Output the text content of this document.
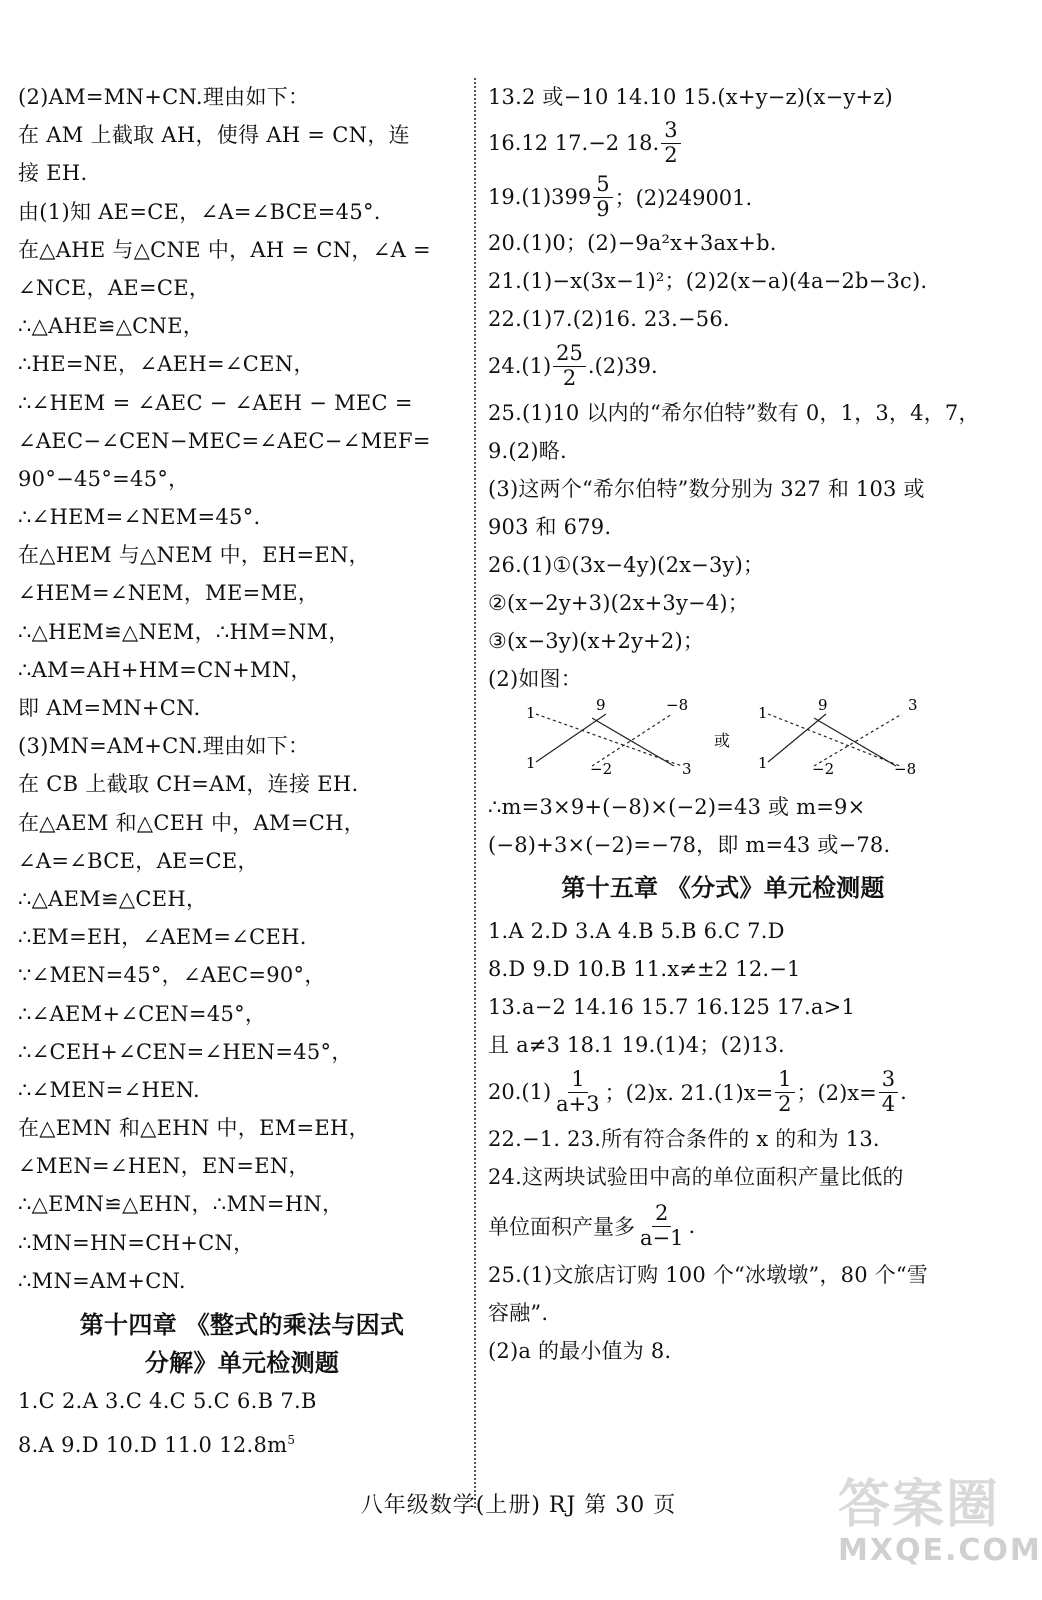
(2)AM=MN+CN.理由如下：

在 AM 上截取 AH，使得 AH = CN，连

接 EH.

由(1)知 AE=CE，∠A=∠BCE=45°.

在△AHE 与△CNE 中，AH = CN，∠A =

∠NCE，AE=CE，

∴△AHE≌△CNE，

∴HE=NE，∠AEH=∠CEN，

∴∠HEM = ∠AEC − ∠AEH − MEC =

∠AEC−∠CEN−MEC=∠AEC−∠MEF=

90°−45°=45°，

∴∠HEM=∠NEM=45°.

在△HEM 与△NEM 中，EH=EN，

∠HEM=∠NEM，ME=ME，

∴△HEM≌△NEM，∴HM=NM，

∴AM=AH+HM=CN+MN，

即 AM=MN+CN.

(3)MN=AM+CN.理由如下：

在 CB 上截取 CH=AM，连接 EH.

在△AEM 和△CEH 中，AM=CH，

∠A=∠BCE，AE=CE，

∴△AEM≌△CEH，

∴EM=EH，∠AEM=∠CEH.

∵∠MEN=45°，∠AEC=90°，

∴∠AEM+∠CEN=45°，

∴∠CEH+∠CEN=∠HEN=45°，

∴∠MEN=∠HEN.

在△EMN 和△EHN 中，EM=EH，

∠MEN=∠HEN，EN=EN，

∴△EMN≌△EHN，∴MN=HN，

∴MN=HN=CH+CN，

∴MN=AM+CN.

第十四章 《整式的乘法与因式

分解》单元检测题

1.C 2.A 3.C 4.C 5.C 6.B 7.B

8.A 9.D 10.D 11.0 $12.8m^5$

13.2 或−10 14.10 15.(x+y−z)(x−y+z)

16.12 17.−2 18. $\frac{3}{2}$
$19.(1)399 \frac{5}{9}$ ；(2)249001.

20.(1)0；(2)−9a²x+3ax+b.

21.(1)−x(3x−1)²；(2)2(x−a)(4a−2b−3c).

22.(1)7.(2)16. 23.−56.

$24.(1) \frac{25}{2} .(2)39$.

25.(1)10 以内的“希尔伯特”数有 0，1，3，4，7，

9.(2)略.

(3)这两个“希尔伯特”数分别为 327 和 103 或

903 和 679.

26.(1)①(3x−4y)(2x−3y)；

②(x−2y+3)(2x+3y−4)；

③(x−3y)(x+2y+2)；

(2)如图：

1	9	−8
1	−2	3
或
1	9	3
1	−2	−8

∴m=3×9+(−8)×(−2)=43 或 m=9×

(−8)+3×(−2)=−78，即 m=43 或−78.

第十五章 《分式》单元检测题

1.A 2.D 3.A 4.B 5.B 6.C 7.D

8.D 9.D 10.B 11.x≠±2 12.−1

13.a−2 14.16 15.7 16.125 17.a>1

且 a≠3 18.1 19.(1)4；(2)13.

$20.(1) \frac{1}{a+3}$ ；(2)x. $21.(1)x= \frac{1}{2}$ ；$(2)x= \frac{3}{4}$ .

22.−1. 23.所有符合条件的 x 的和为 13.

24.这两块试验田中高的单位面积产量比低的

单位面积产量多 $\frac{2}{a-1}$ .

25.(1)文旅店订购 100 个“冰墩墩”，80 个“雪

容融”.

(2)a 的最小值为 8.

八年级数学(上册) RJ 第 30 页	答案圈
MXQE.COM
